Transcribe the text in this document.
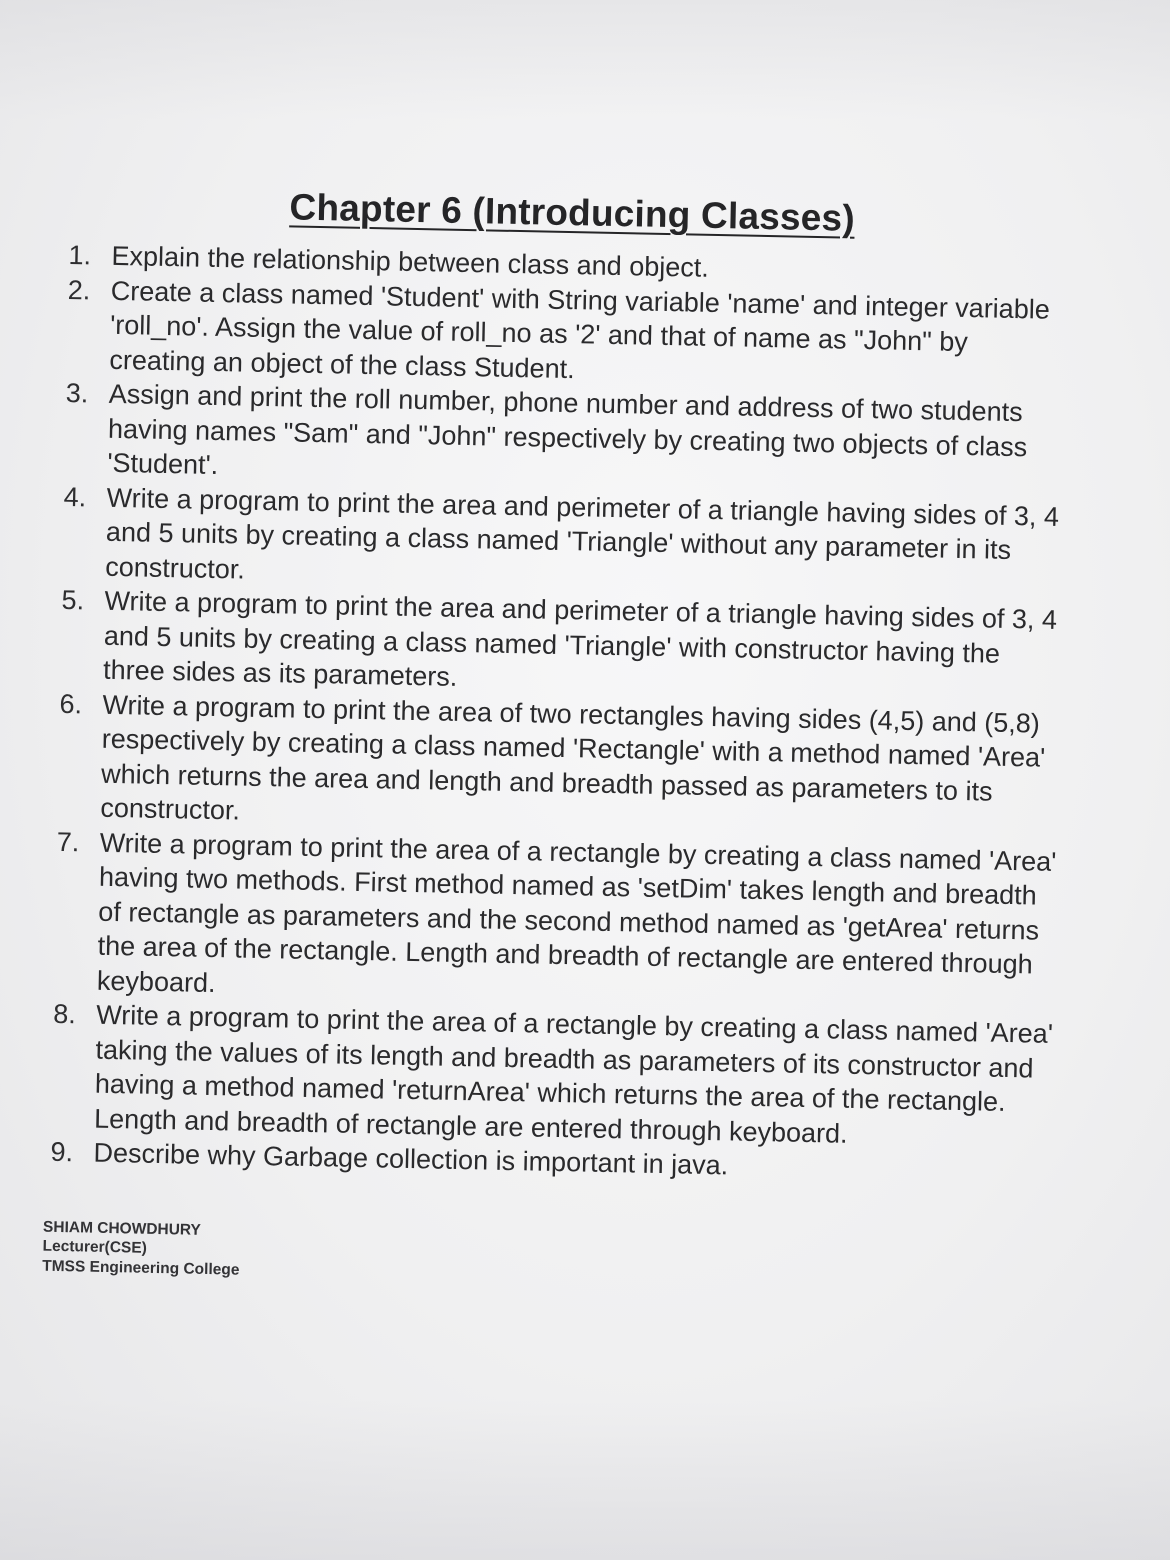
Chapter 6 (Introducing Classes)
1. Explain the relationship between class and object.
2. Create a class named 'Student' with String variable 'name' and integer variable 'roll_no'. Assign the value of roll_no as '2' and that of name as "John" by creating an object of the class Student.
3. Assign and print the roll number, phone number and address of two students having names "Sam" and "John" respectively by creating two objects of class 'Student'.
4. Write a program to print the area and perimeter of a triangle having sides of 3, 4 and 5 units by creating a class named 'Triangle' without any parameter in its constructor.
5. Write a program to print the area and perimeter of a triangle having sides of 3, 4 and 5 units by creating a class named 'Triangle' with constructor having the three sides as its parameters.
6. Write a program to print the area of two rectangles having sides (4,5) and (5,8) respectively by creating a class named 'Rectangle' with a method named 'Area' which returns the area and length and breadth passed as parameters to its constructor.
7. Write a program to print the area of a rectangle by creating a class named 'Area' having two methods. First method named as 'setDim' takes length and breadth of rectangle as parameters and the second method named as 'getArea' returns the area of the rectangle. Length and breadth of rectangle are entered through keyboard.
8. Write a program to print the area of a rectangle by creating a class named 'Area' taking the values of its length and breadth as parameters of its constructor and having a method named 'returnArea' which returns the area of the rectangle. Length and breadth of rectangle are entered through keyboard.
9. Describe why Garbage collection is important in java.
SHIAM CHOWDHURY
Lecturer(CSE)
TMSS Engineering College
